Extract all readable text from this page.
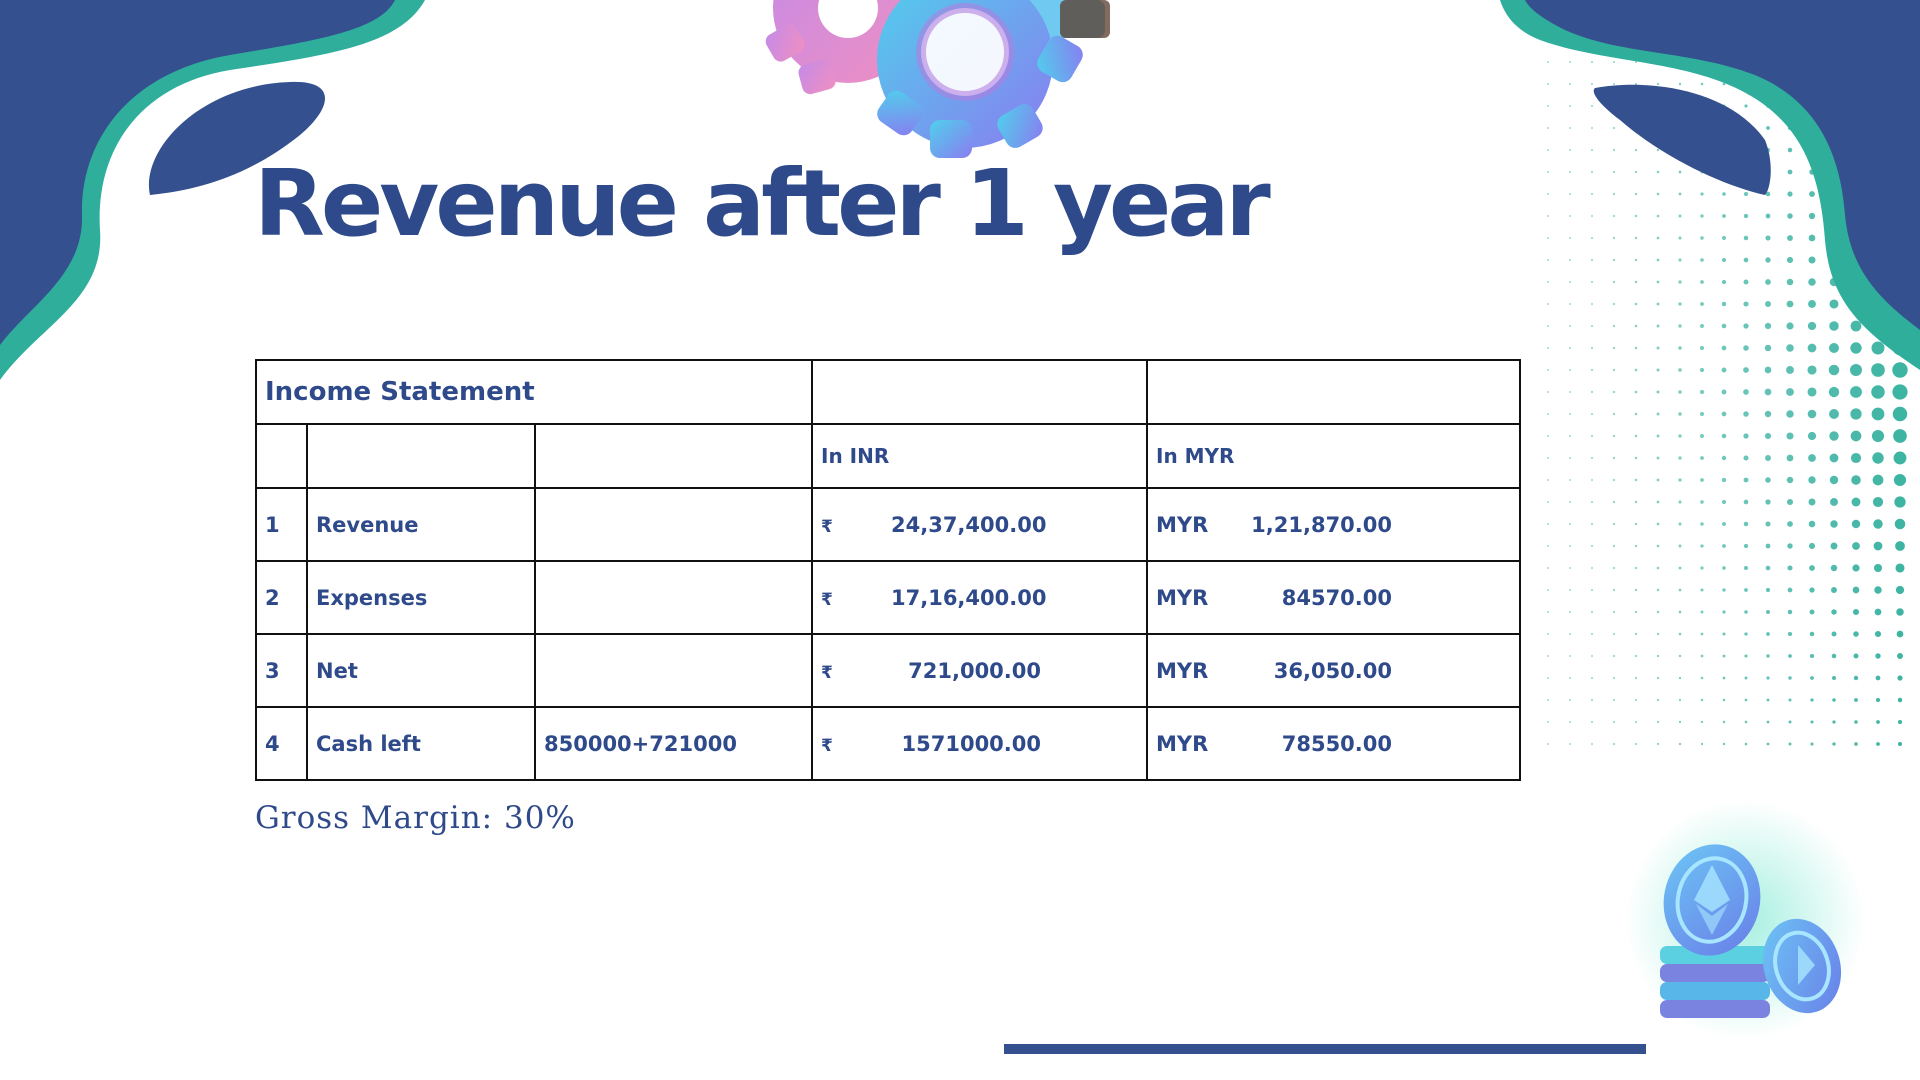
Revenue after 1 year
Income Statement				
			In INR	In MYR
1	Revenue		₹ 24,37,400.00	MYR 1,21,870.00
2	Expenses		₹ 17,16,400.00	MYR 84570.00
3	Net		₹ 721,000.00	MYR 36,050.00
4	Cash left	850000+721000	₹ 1571000.00	MYR 78550.00

Gross Margin: 30%
